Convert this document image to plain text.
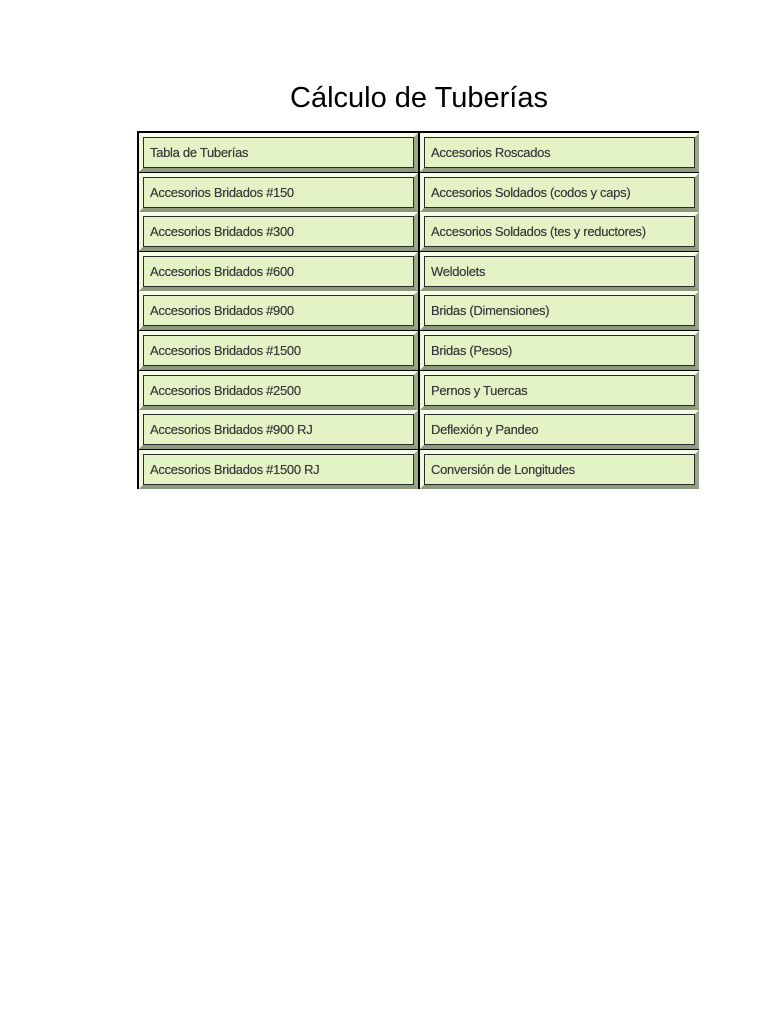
Cálculo de Tuberías
Tabla de Tuberías	Accesorios Roscados
Accesorios Bridados #150	Accesorios Soldados (codos y caps)
Accesorios Bridados #300	Accesorios Soldados (tes y reductores)
Accesorios Bridados #600	Weldolets
Accesorios Bridados #900	Bridas (Dimensiones)
Accesorios Bridados #1500	Bridas (Pesos)
Accesorios Bridados #2500	Pernos y Tuercas
Accesorios Bridados #900 RJ	Deflexión y Pandeo
Accesorios Bridados #1500 RJ	Conversión de Longitudes
